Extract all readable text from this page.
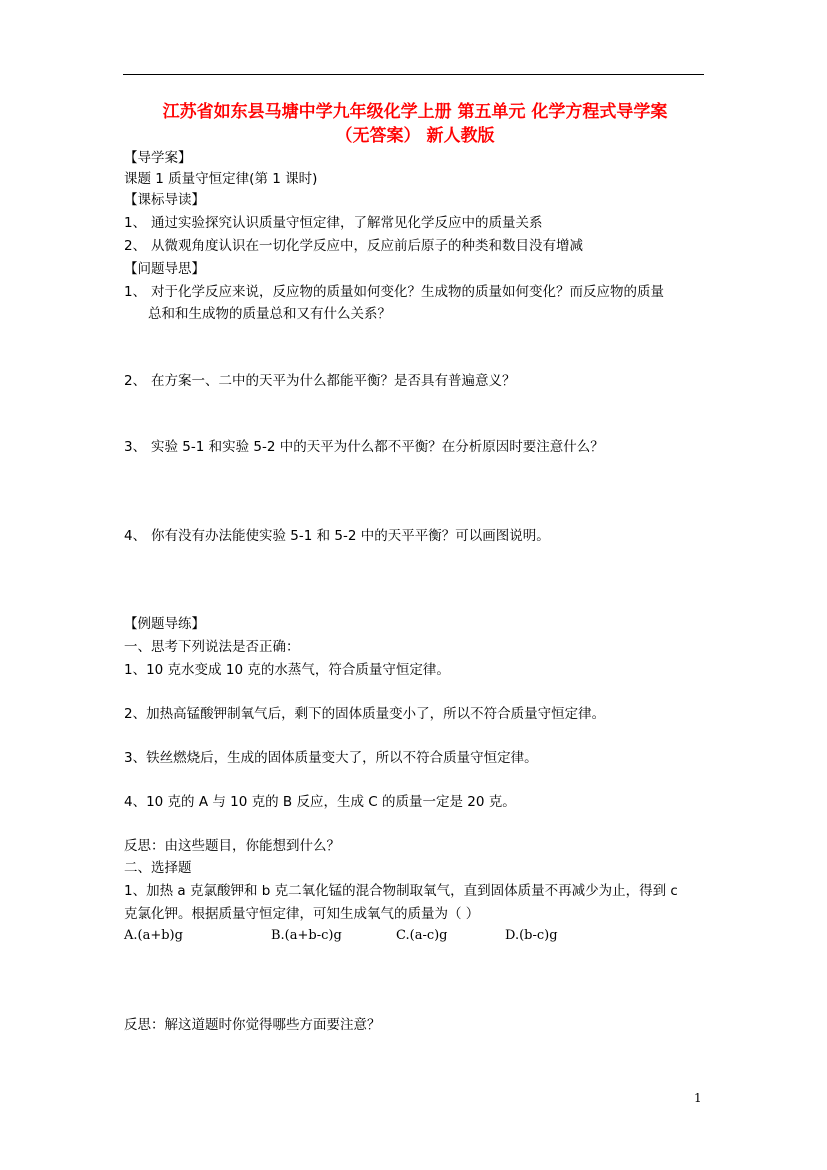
江苏省如东县马塘中学九年级化学上册 第五单元 化学方程式导学案
（无答案） 新人教版
【导学案】
课题 1 质量守恒定律(第 1 课时)
【课标导读】
1、 通过实验探究认识质量守恒定律，了解常见化学反应中的质量关系
2、 从微观角度认识在一切化学反应中，反应前后原子的种类和数目没有增减
【问题导思】
1、 对于化学反应来说，反应物的质量如何变化？生成物的质量如何变化？而反应物的质量
总和和生成物的质量总和又有什么关系？
2、 在方案一、二中的天平为什么都能平衡？是否具有普遍意义？
3、 实验 5-1 和实验 5-2 中的天平为什么都不平衡？在分析原因时要注意什么？
4、 你有没有办法能使实验 5-1 和 5-2 中的天平平衡？可以画图说明。
【例题导练】
一、思考下列说法是否正确：
1、10 克水变成 10 克的水蒸气，符合质量守恒定律。
2、加热高锰酸钾制氧气后，剩下的固体质量变小了，所以不符合质量守恒定律。
3、铁丝燃烧后，生成的固体质量变大了，所以不符合质量守恒定律。
4、10 克的 A 与 10 克的 B 反应，生成 C 的质量一定是 20 克。
反思：由这些题目，你能想到什么？
二、选择题
1、加热 a 克氯酸钾和 b 克二氧化锰的混合物制取氧气，直到固体质量不再减少为止，得到 c
克氯化钾。根据质量守恒定律，可知生成氧气的质量为（ ）
A.(a+b)g	B.(a+b-c)g	C.(a-c)g	D.(b-c)g
反思：解这道题时你觉得哪些方面要注意？
1
